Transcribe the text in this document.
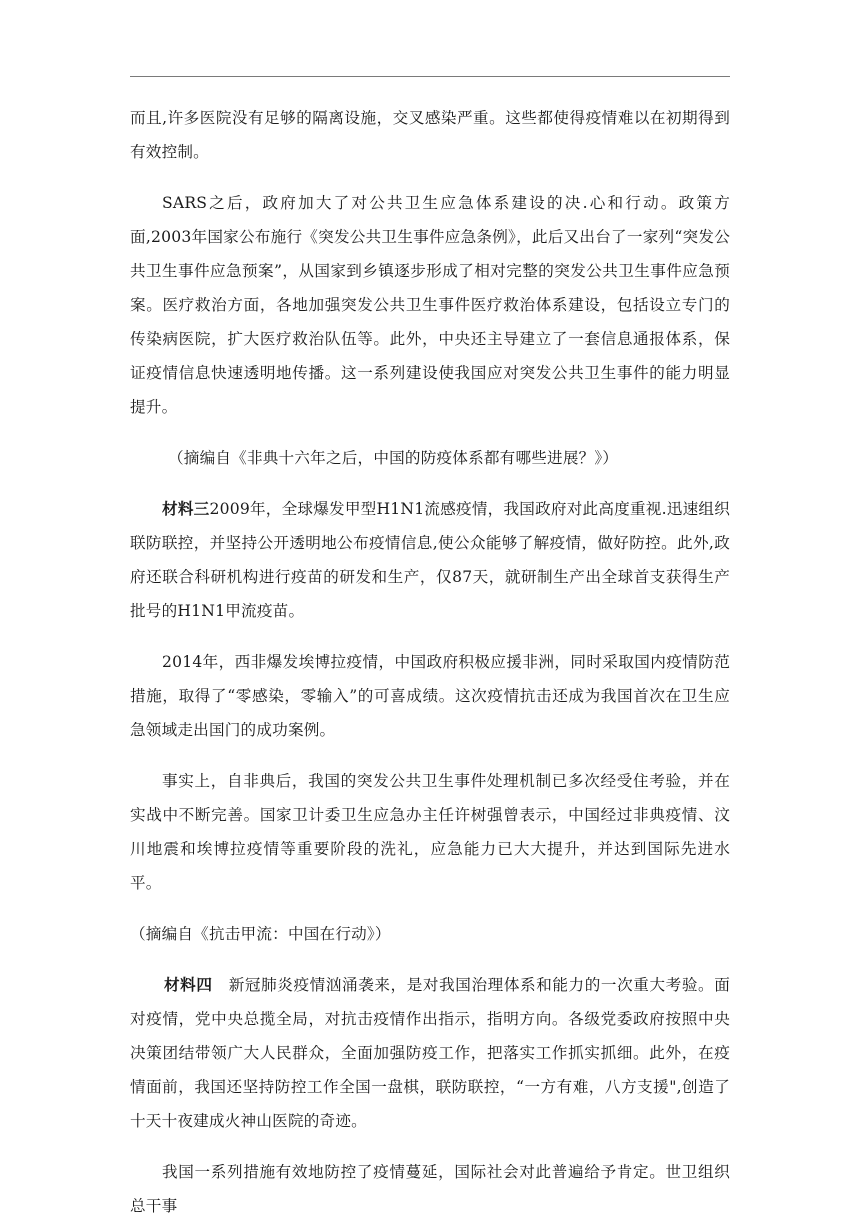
而且,许多医院没有足够的隔离设施，交叉感染严重。这些都使得疫情难以在初期得到有效控制。

SARS之后，政府加大了对公共卫生应急体系建设的决.心和行动。政策方面,2003年国家公布施行《突发公共卫生事件应急条例》，此后又出台了一家列“突发公共卫生事件应急预案”，从国家到乡镇逐步形成了相对完整的突发公共卫生事件应急预案。医疗救治方面，各地加强突发公共卫生事件医疗救治体系建设，包括设立专门的传染病医院，扩大医疗救治队伍等。此外，中央还主导建立了一套信息通报体系，保证疫情信息快速透明地传播。这一系列建设使我国应对突发公共卫生事件的能力明显提升。

（摘编自《非典十六年之后，中国的防疫体系都有哪些进展？》）

材料三2009年，全球爆发甲型H1N1流感疫情，我国政府对此高度重视.迅速组织联防联控，并坚持公开透明地公布疫情信息,使公众能够了解疫情，做好防控。此外,政府还联合科研机构进行疫苗的研发和生产，仅87天，就研制生产出全球首支获得生产批号的H1N1甲流疫苗。

2014年，西非爆发埃博拉疫情，中国政府积极应援非洲，同时采取国内疫情防范措施，取得了“零感染，零输入”的可喜成绩。这次疫情抗击还成为我国首次在卫生应急领域走出国门的成功案例。

事实上，自非典后，我国的突发公共卫生事件处理机制已多次经受住考验，并在实战中不断完善。国家卫计委卫生应急办主任许树强曾表示，中国经过非典疫情、汶川地震和埃博拉疫情等重要阶段的洗礼，应急能力已大大提升，并达到国际先进水平。

（摘编自《抗击甲流：中国在行动》）

材料四　 新冠肺炎疫情汹涌袭来，是对我国治理体系和能力的一次重大考验。面对疫情，党中央总揽全局，对抗击疫情作出指示，指明方向。各级党委政府按照中央决策团结带领广大人民群众，全面加强防疫工作，把落实工作抓实抓细。此外，在疫情面前，我国还坚持防控工作全国一盘棋，联防联控，“一方有难，八方支援",创造了十天十夜建成火神山医院的奇迹。

我国一系列措施有效地防控了疫情蔓延，国际社会对此普遍给予肯定。世卫组织总干事
